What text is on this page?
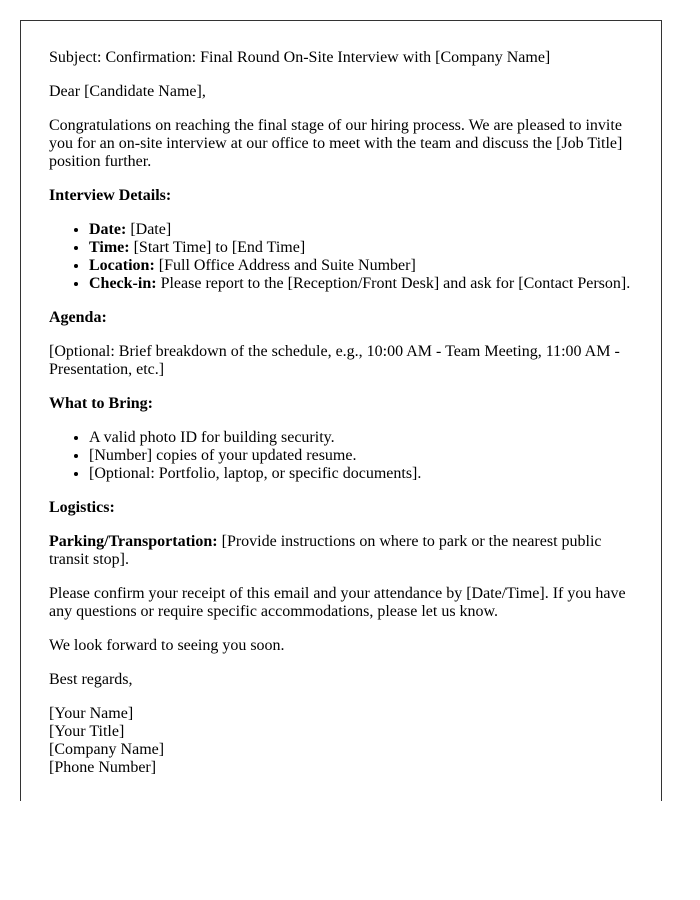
Subject: Confirmation: Final Round On-Site Interview with [Company Name]

Dear [Candidate Name],

Congratulations on reaching the final stage of our hiring process. We are pleased to invite you for an on-site interview at our office to meet with the team and discuss the [Job Title] position further.

Interview Details:

• Date: [Date]
• Time: [Start Time] to [End Time]
• Location: [Full Office Address and Suite Number]
• Check-in: Please report to the [Reception/Front Desk] and ask for [Contact Person].

Agenda:

[Optional: Brief breakdown of the schedule, e.g., 10:00 AM - Team Meeting, 11:00 AM - Presentation, etc.]

What to Bring:

• A valid photo ID for building security.
• [Number] copies of your updated resume.
• [Optional: Portfolio, laptop, or specific documents].

Logistics:

Parking/Transportation: [Provide instructions on where to park or the nearest public transit stop].

Please confirm your receipt of this email and your attendance by [Date/Time]. If you have any questions or require specific accommodations, please let us know.

We look forward to seeing you soon.

Best regards,

[Your Name]
[Your Title]
[Company Name]
[Phone Number]
